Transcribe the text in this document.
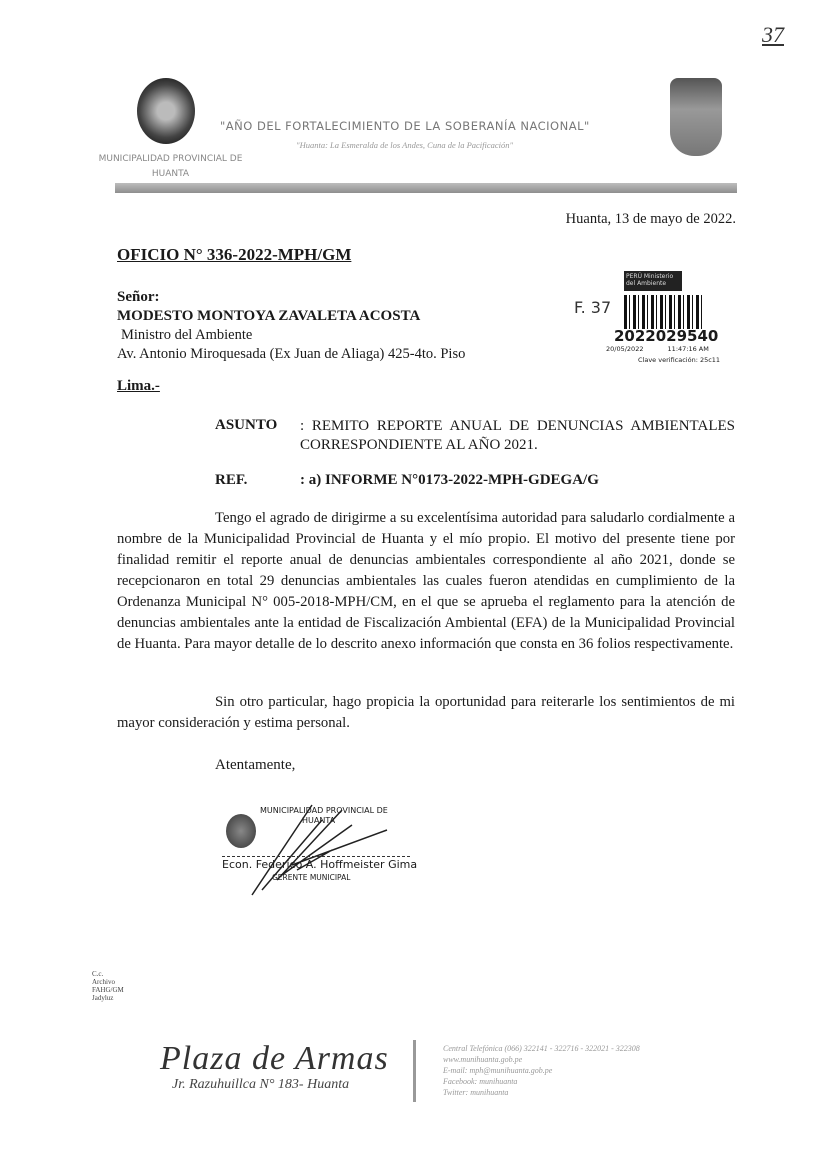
37
"AÑO DEL FORTALECIMIENTO DE LA SOBERANÍA NACIONAL"
"Huanta: La Esmeralda de los Andes, Cuna de la Pacificación"
MUNICIPALIDAD PROVINCIAL DE
HUANTA
Huanta, 13 de mayo de 2022.
OFICIO N° 336-2022-MPH/GM
Señor:
MODESTO MONTOYA ZAVALETA ACOSTA
Ministro del Ambiente
Av. Antonio Miroquesada (Ex Juan de Aliaga) 425-4to. Piso
PERÚ Ministerio del Ambiente
F. 37
2022029540
20/05/2022	11:47:16 AM
Clave verificación: 25c11
Lima.-
ASUNTO : REMITO REPORTE ANUAL DE DENUNCIAS AMBIENTALES CORRESPONDIENTE AL AÑO 2021.
REF.	: a) INFORME N°0173-2022-MPH-GDEGA/G
Tengo el agrado de dirigirme a su excelentísima autoridad para saludarlo cordialmente a nombre de la Municipalidad Provincial de Huanta y el mío propio. El motivo del presente tiene por finalidad remitir el reporte anual de denuncias ambientales correspondiente al año 2021, donde se recepcionaron en total 29 denuncias ambientales las cuales fueron atendidas en cumplimiento de la Ordenanza Municipal N° 005-2018-MPH/CM, en el que se aprueba el reglamento para la atención de denuncias ambientales ante la entidad de Fiscalización Ambiental (EFA) de la Municipalidad Provincial de Huanta. Para mayor detalle de lo descrito anexo información que consta en 36 folios respectivamente.
Sin otro particular, hago propicia la oportunidad para reiterarle los sentimientos de mi mayor consideración y estima personal.
Atentamente,
MUNICIPALIDAD PROVINCIAL DE
HUANTA
Econ. Federico A. Hoffmeister Gima
GERENTE MUNICIPAL
C.c.
Archivo
FAHG/GM
Jadyluz
Plaza de Armas
Jr. Razuhuillca N° 183- Huanta
Central Telefónica (066) 322141 - 322716 - 322021 - 322308
www.munihuanta.gob.pe
E-mail: mph@munihuanta.gob.pe
Facebook: munihuanta
Twitter: munihuanta
